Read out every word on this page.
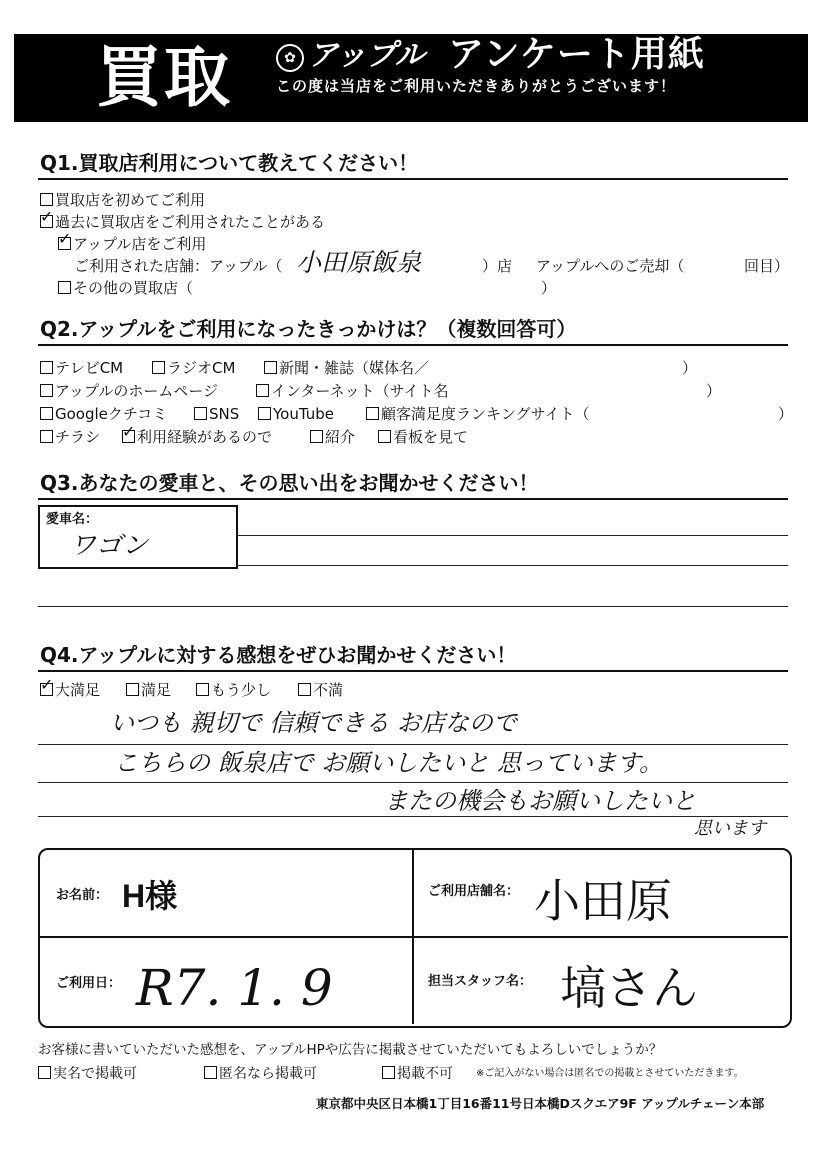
買取	✿ アップル アンケート用紙
この度は当店をご利用いただきありがとうございます！
Q1.買取店利用について教えてください！
買取店を初めてご利用
✓過去に買取店をご利用されたことがある
✓アップル店をご利用
ご利用された店舗：アップル（ 小田原飯泉	）店 アップルへのご売却（	回目）
その他の買取店（	）
Q2.アップルをご利用になったきっかけは？（複数回答可）
テレビCM	ラジオCM	新聞・雑誌（媒体名／	）
アップルのホームページ	インターネット（サイト名	）
Googleクチコミ	SNS	YouTube	顧客満足度ランキングサイト（	）
チラシ
✓	利用経験があるので	紹介	看板を見て
Q3.あなたの愛車と、その思い出をお聞かせください！
愛車名：
ワゴン
Q4.アップルに対する感想をぜひお聞かせください！
✓大満足	満足	もう少し	不満
いつも 親切で 信頼できる お店なので
こちらの 飯泉店で お願いしたいと 思っています。
またの機会もお願いしたいと
思います
お名前： H様	ご利用店舗名： 小田原
ご利用日： R7. 1. 9	担当スタッフ名： 塙さん
お客様に書いていただいた感想を、アップルHPや広告に掲載させていただいてもよろしいでしょうか？
実名で掲載可	匿名なら掲載可	掲載不可 ※ご記入がない場合は匿名での掲載とさせていただきます。
東京都中央区日本橋1丁目16番11号日本橋Dスクエア9F アップルチェーン本部
